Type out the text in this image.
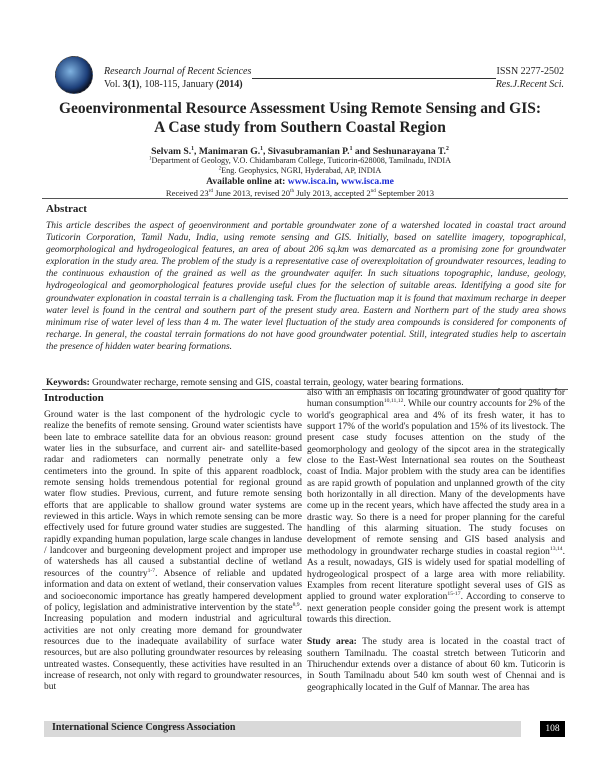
Research Journal of Recent Sciences
Vol. 3(1), 108-115, January (2014)
ISSN 2277-2502
Res.J.Recent Sci.
Geoenvironmental Resource Assessment Using Remote Sensing and GIS:
A Case study from Southern Coastal Region
Selvam S.$^1$, Manimaran G.$^1$, Sivasubramanian P.$^1$ and Seshunarayana T.$^2$
$^1$Department of Geology, V.O. Chidambaram College, Tuticorin-628008, Tamilnadu, INDIA
$^2$Eng. Geophysics, NGRI, Hyderabad, AP, INDIA
Available online at: www.isca.in, www.isca.me
Received 23rd June 2013, revised 20th July 2013, accepted 2nd September 2013
Abstract
This article describes the aspect of geoenvironment and portable groundwater zone of a watershed located in coastal tract around Tuticorin Corporation, Tamil Nadu, India, using remote sensing and GIS. Initially, based on satellite imagery, topographical, geomorphological and hydrogeological features, an area of about 206 sq.km was demarcated as a promising zone for groundwater exploration in the study area. The problem of the study is a representative case of overexploitation of groundwater resources, leading to the continuous exhaustion of the grained as well as the groundwater aquifer. In such situations topographic, landuse, geology, hydrogeological and geomorphological features provide useful clues for the selection of suitable areas. Identifying a good site for groundwater explonation in coastal terrain is a challenging task. From the fluctuation map it is found that maximum recharge in deeper water level is found in the central and southern part of the present study area. Eastern and Northern part of the study area shows minimum rise of water level of less than 4 m. The water level fluctuation of the study area compounds is considered for components of recharge. In general, the coastal terrain formations do not have good groundwater potential. Still, integrated studies help to ascertain the presence of hidden water bearing formations.
Keywords: Groundwater recharge, remote sensing and GIS, coastal terrain, geology, water bearing formations.
Introduction
Ground water is the last component of the hydrologic cycle to realize the benefits of remote sensing. Ground water scientists have been late to embrace satellite data for an obvious reason: ground water lies in the subsurface, and current air- and satellite-based radar and radiometers can normally penetrate only a few centimeters into the ground. In spite of this apparent roadblock, remote sensing holds tremendous potential for regional ground water flow studies. Previous, current, and future remote sensing efforts that are applicable to shallow ground water systems are reviewed in this article. Ways in which remote sensing can be more effectively used for future ground water studies are suggested. The rapidly expanding human population, large scale changes in landuse / landcover and burgeoning development project and improper use of watersheds has all caused a substantial decline of wetland resources of the country$^{1-7}$. Absence of reliable and updated information and data on extent of wetland, their conservation values and socioeconomic importance has greatly hampered development of policy, legislation and administrative intervention by the state$^{8,9}$. Increasing population and modern industrial and agricultural activities are not only creating more demand for groundwater resources due to the inadequate availability of surface water resources, but are also polluting groundwater resources by releasing untreated wastes. Consequently, these activities have resulted in an increase of research, not only with regard to groundwater resources, but
also with an emphasis on locating groundwater of good quality for human consumption$^{10,11,12}$. While our country accounts for 2% of the world's geographical area and 4% of its fresh water, it has to support 17% of the world's population and 15% of its livestock. The present case study focuses attention on the study of the geomorphology and geology of the sipcot area in the strategically close to the East-West International sea routes on the Southeast coast of India. Major problem with the study area can be identifies as are rapid growth of population and unplanned growth of the city both horizontally in all direction. Many of the developments have come up in the recent years, which have affected the study area in a drastic way. So there is a need for proper planning for the careful handling of this alarming situation. The study focuses on development of remote sensing and GIS based analysis and methodology in groundwater recharge studies in coastal region$^{13,14}$. As a result, nowadays, GIS is widely used for spatial modelling of hydrogeological prospect of a large area with more reliability. Examples from recent literature spotlight several uses of GIS as applied to ground water exploration$^{15-17}$. According to conserve to next generation people consider going the present work is attempt towards this direction.
Study area: The study area is located in the coastal tract of southern Tamilnadu. The coastal stretch between Tuticorin and Thiruchendur extends over a distance of about 60 km. Tuticorin is in South Tamilnadu about 540 km south west of Chennai and is geographically located in the Gulf of Mannar. The area has
International Science Congress Association	108
